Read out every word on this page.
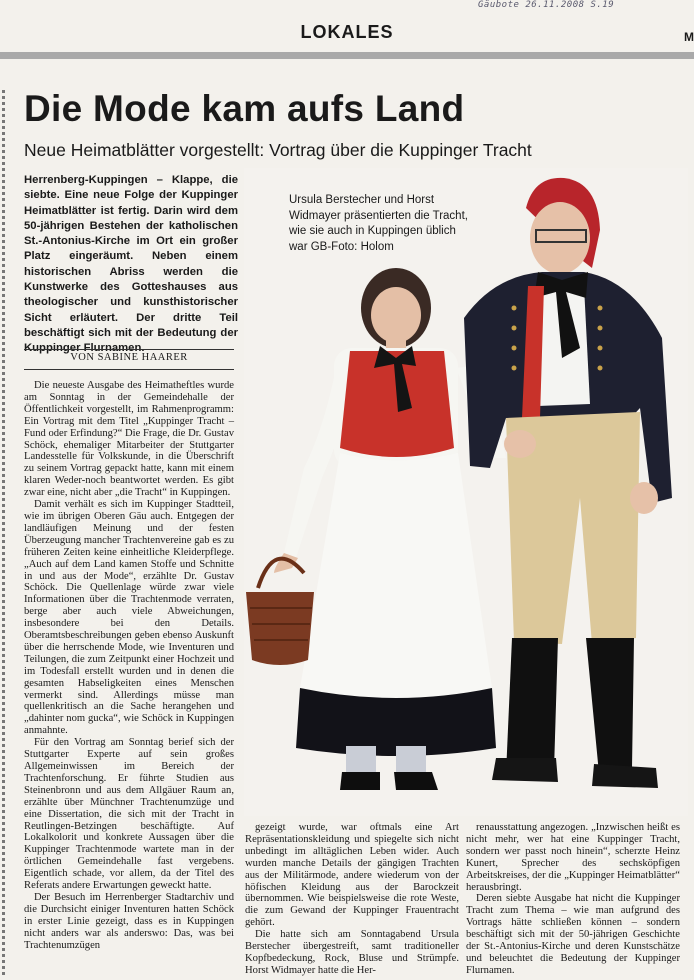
Gäubote 26.11.2008 S.19
LOKALES	M
Die Mode kam aufs Land
Neue Heimatblätter vorgestellt: Vortrag über die Kuppinger Tracht
Herrenberg-Kuppingen – Klappe, die siebte. Eine neue Folge der Kuppinger Heimatblätter ist fertig. Darin wird dem 50-jährigen Bestehen der katholischen St.-Antonius-Kirche im Ort ein großer Platz eingeräumt. Neben einem historischen Abriss werden die Kunstwerke des Gotteshauses aus theologischer und kunsthistorischer Sicht erläutert. Der dritte Teil beschäftigt sich mit der Bedeutung der
VON SABINE HAARER

Die neueste Ausgabe des Heimatheftles wurde am Sonntag in der Gemeindehalle der Öffentlichkeit vorgestellt, im Rahmenprogramm: Ein Vortrag mit dem Titel „Kuppinger Tracht – Fund oder Erfindung?“ Die Frage, die Dr. Gustav Schöck, ehemaliger Mitarbeiter der Stuttgarter Landesstelle für Volkskunde, in die Überschrift zu seinem Vortrag gepackt hatte, kann mit einem klaren Weder-noch beantwortet werden. Es gibt zwar eine, nicht aber „die Tracht“ in Kuppingen.

Damit verhält es sich im Kuppinger Stadtteil, wie im übrigen Oberen Gäu auch. Entgegen der landläufigen Meinung und der festen Überzeugung mancher Trachtenvereine gab es zu früheren Zeiten keine einheitliche Kleiderpflege. „Auch auf dem Land kamen Stoffe und Schnitte in und aus der Mode“, erzählte Dr. Gustav Schöck. Die Quellenlage würde zwar viele Informationen über die Trachtenmode verraten, berge aber auch viele Abweichungen, insbesondere bei den Details. Oberamtsbeschreibungen geben ebenso Auskunft über die herrschende Mode, wie Inventuren und Teilungen, die zum Zeitpunkt einer Hochzeit und im Todesfall erstellt wurden und in denen die gesamten Habseligkeiten eines Menschen vermerkt sind. Allerdings müsse man quellenkritisch an die Sache herangehen und „dahinter nom gucka“, wie Schöck in Kuppingen anmahnte.

Für den Vortrag am Sonntag berief sich der Stuttgarter Experte auf sein großes Allgemeinwissen im Bereich der Trachtenforschung. Er führte Studien aus Steinenbronn und aus dem Allgäuer Raum an, erzählte über Münchner Trachtenumzüge und eine Dissertation, die sich mit der Tracht in Reutlingen-Betzingen beschäftigte. Auf Lokalkolorit und konkrete Aussagen über die Kuppinger Trachtenmode wartete man in der örtlichen Gemeindehalle fast vergebens. Eigentlich schade, vor allem, da der Titel des Referats andere Erwartungen geweckt hatte.

Der Besuch im Herrenberger Stadtarchiv und die Durchsicht einiger Inventuren hatten Schöck in erster Linie gezeigt, dass es in Kuppingen nicht anders war als anderswo: Das, was bei Trachtenumzügen

Ursula Berstecher und Horst Widmayer präsentierten die Tracht, wie sie auch in Kuppingen üblich war GB-Foto: Holom

gezeigt wurde, war oftmals eine Art Repräsentationskleidung und spiegelte sich nicht unbedingt im alltäglichen Leben wider. Auch wurden manche Details der gängigen Trachten aus der Militärmode, andere wiederum von der höfischen Kleidung aus der Barockzeit übernommen. Wie beispielsweise die rote Weste, die zum Gewand der Kuppinger Frauentracht gehört.

Die hatte sich am Sonntagabend Ursula Berstecher übergestreift, samt traditioneller Kopfbedeckung, Rock, Bluse und Strümpfe. Horst Widmayer hatte die Her-

renausstattung angezogen. „Inzwischen heißt es nicht mehr, wer hat eine Kuppinger Tracht, sondern wer passt noch hinein“, scherzte Heinz Kunert, Sprecher des sechsköpfigen Arbeitskreises, der die „Kuppinger Heimatblätter“ herausbringt.

Deren siebte Ausgabe hat nicht die Kuppinger Tracht zum Thema – wie man aufgrund des Vortrags hätte schließen können – sondern beschäftigt sich mit der 50-jährigen Geschichte der St.-Antonius-Kirche und deren Kunstschätze und beleuchtet die Bedeutung der Kuppinger Flurnamen.
